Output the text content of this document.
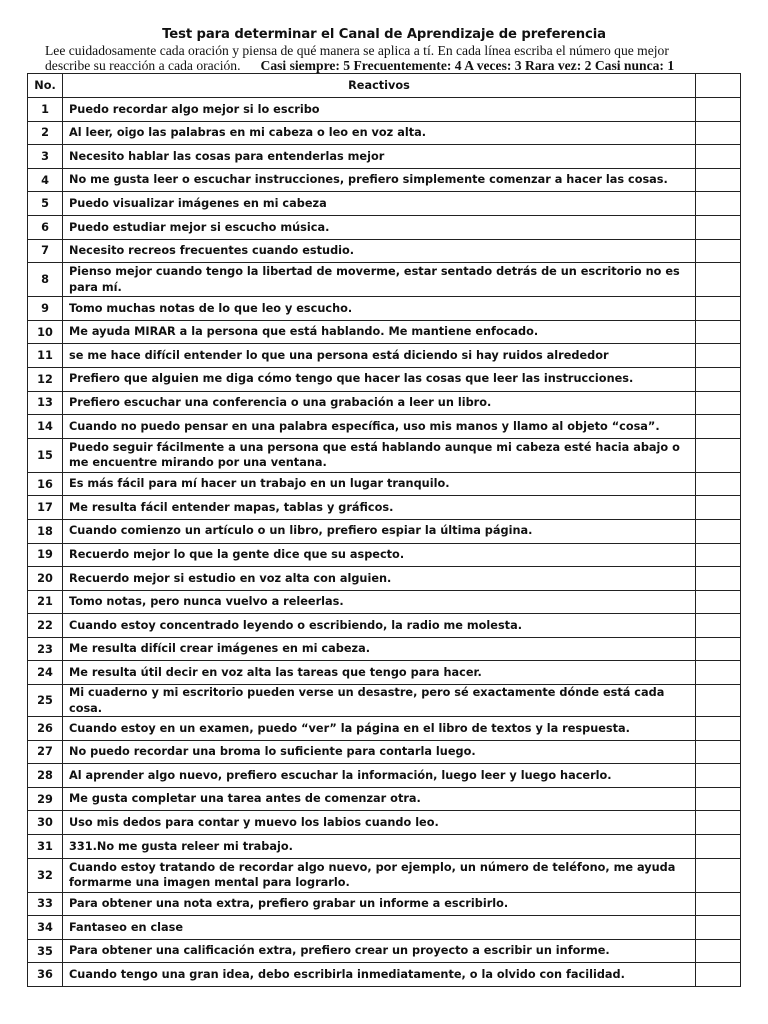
Test para determinar el Canal de Aprendizaje de preferencia
Lee cuidadosamente cada oración y piensa de qué manera se aplica a tí. En cada línea escriba el número que mejor
describe su reacción a cada oración. Casi siempre: 5 Frecuentemente: 4 A veces: 3 Rara vez: 2 Casi nunca: 1
No.	Reactivos	
1	Puedo recordar algo mejor si lo escribo	
2	Al leer, oigo las palabras en mi cabeza o leo en voz alta.	
3	Necesito hablar las cosas para entenderlas mejor	
4	No me gusta leer o escuchar instrucciones, prefiero simplemente comenzar a hacer las cosas.	
5	Puedo visualizar imágenes en mi cabeza	
6	Puedo estudiar mejor si escucho música.	
7	Necesito recreos frecuentes cuando estudio.	
8	Pienso mejor cuando tengo la libertad de moverme, estar sentado detrás de un escritorio no es para mí.	
9	Tomo muchas notas de lo que leo y escucho.	
10	Me ayuda MIRAR a la persona que está hablando. Me mantiene enfocado.	
11	se me hace difícil entender lo que una persona está diciendo si hay ruidos alrededor	
12	Prefiero que alguien me diga cómo tengo que hacer las cosas que leer las instrucciones.	
13	Prefiero escuchar una conferencia o una grabación a leer un libro.	
14	Cuando no puedo pensar en una palabra específica, uso mis manos y llamo al objeto “cosa”.	
15	Puedo seguir fácilmente a una persona que está hablando aunque mi cabeza esté hacia abajo o me encuentre mirando por una ventana.	
16	Es más fácil para mí hacer un trabajo en un lugar tranquilo.	
17	Me resulta fácil entender mapas, tablas y gráficos.	
18	Cuando comienzo un artículo o un libro, prefiero espiar la última página.	
19	Recuerdo mejor lo que la gente dice que su aspecto.	
20	Recuerdo mejor si estudio en voz alta con alguien.	
21	Tomo notas, pero nunca vuelvo a releerlas.	
22	Cuando estoy concentrado leyendo o escribiendo, la radio me molesta.	
23	Me resulta difícil crear imágenes en mi cabeza.	
24	Me resulta útil decir en voz alta las tareas que tengo para hacer.	
25	Mi cuaderno y mi escritorio pueden verse un desastre, pero sé exactamente dónde está cada cosa.	
26	Cuando estoy en un examen, puedo “ver” la página en el libro de textos y la respuesta.	
27	No puedo recordar una broma lo suficiente para contarla luego.	
28	Al aprender algo nuevo, prefiero escuchar la información, luego leer y luego hacerlo.	
29	Me gusta completar una tarea antes de comenzar otra.	
30	Uso mis dedos para contar y muevo los labios cuando leo.	
31	331.No me gusta releer mi trabajo.	
32	Cuando estoy tratando de recordar algo nuevo, por ejemplo, un número de teléfono, me ayuda formarme una imagen mental para lograrlo.	
33	Para obtener una nota extra, prefiero grabar un informe a escribirlo.	
34	Fantaseo en clase	
35	Para obtener una calificación extra, prefiero crear un proyecto a escribir un informe.	
36	Cuando tengo una gran idea, debo escribirla inmediatamente, o la olvido con facilidad.	
